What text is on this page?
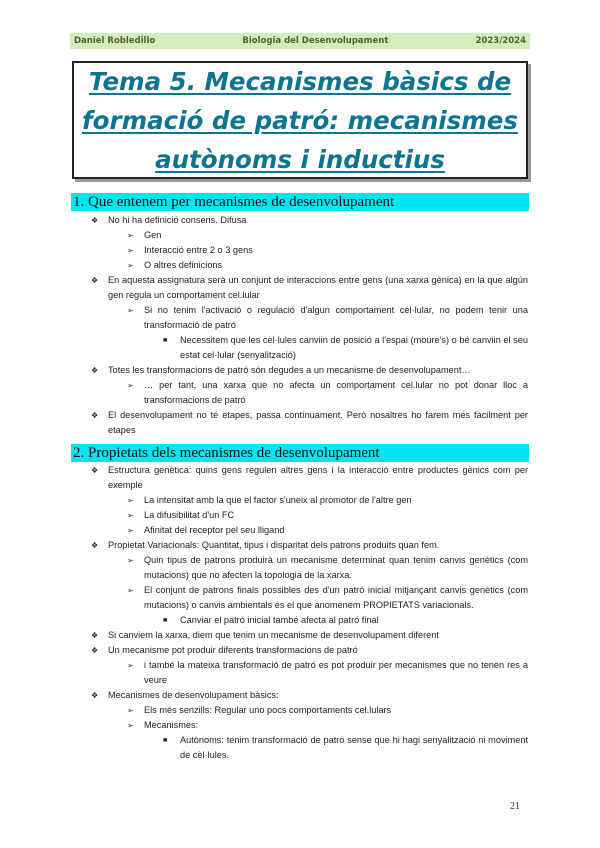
Daniel Robledillo	Biologia del Desenvolupament	2023/2024
Tema 5. Mecanismes bàsics de formació de patró: mecanismes autònoms i inductius
1. Que entenem per mecanismes de desenvolupament
❖ No hi ha definició consens. Difusa
➢ Gen
➢ Interacció entre 2 o 3 gens
➢ O altres definicions
❖ En aquesta assignatura serà un conjunt de interaccions entre gens (una xarxa gènica) en la que algún gen regula un comportament cel.lular
➢ Si no tenim l'activació o regulació d'algun comportament cel·lular, no podem tenir una transformació de patró
■ Necessitem que les cèl·lules canviin de posició a l'espai (moure's) o bé canviin el seu estat cel·lular (senyalització)
❖ Totes les transformacions de patró són degudes a un mecanisme de desenvolupament…
➢ … per tant, una xarxa que no afecta un comportament cel.lular no pot donar lloc a transformacions de patró
❖ El desenvolupament no té etapes, passa contínuament. Però nosaltres ho farem més fàcilment per etapes
2. Propietats dels mecanismes de desenvolupament
❖ Estructura genètica: quins gens regulen altres gens i la interacció entre productes gènics com per exemple
➢ La intensitat amb la que el factor s'uneix al promotor de l'altre gen
➢ La difusibilitat d'un FC
➢ Afinitat del receptor pel seu lligand
❖ Propietat Variacionals: Quantitat, tipus i disparitat dels patrons produits quan fem.
➢ Quin tipus de patrons produirà un mecanisme determinat quan tenim canvis genètics (com mutacions) que no afecten la topologia de la xarxa.
➢ El conjunt de patrons finals possibles des d'un patró inicial mitjançant canvis genètics (com mutacions) o canvis ambientals és el que anomenem PROPIETATS variacionals.
■ Canviar el patró inicial també afecta al patró final
❖ Si canviem la xarxa, diem que tenim un mecanisme de desenvolupament diferent
❖ Un mecanisme pot produir diferents transformacions de patró
➢ i també la mateixa transformació de patró es pot produir per mecanismes que no tenen res a veure
❖ Mecanismes de desenvolupament bàsics:
➢ Els més senzills: Regular uno pocs comportaments cel.lulars
➢ Mecanismes:
■ Autònoms: tenim transformació de patró sense que hi hagi senyalització ni moviment de cèl·lules.
21
